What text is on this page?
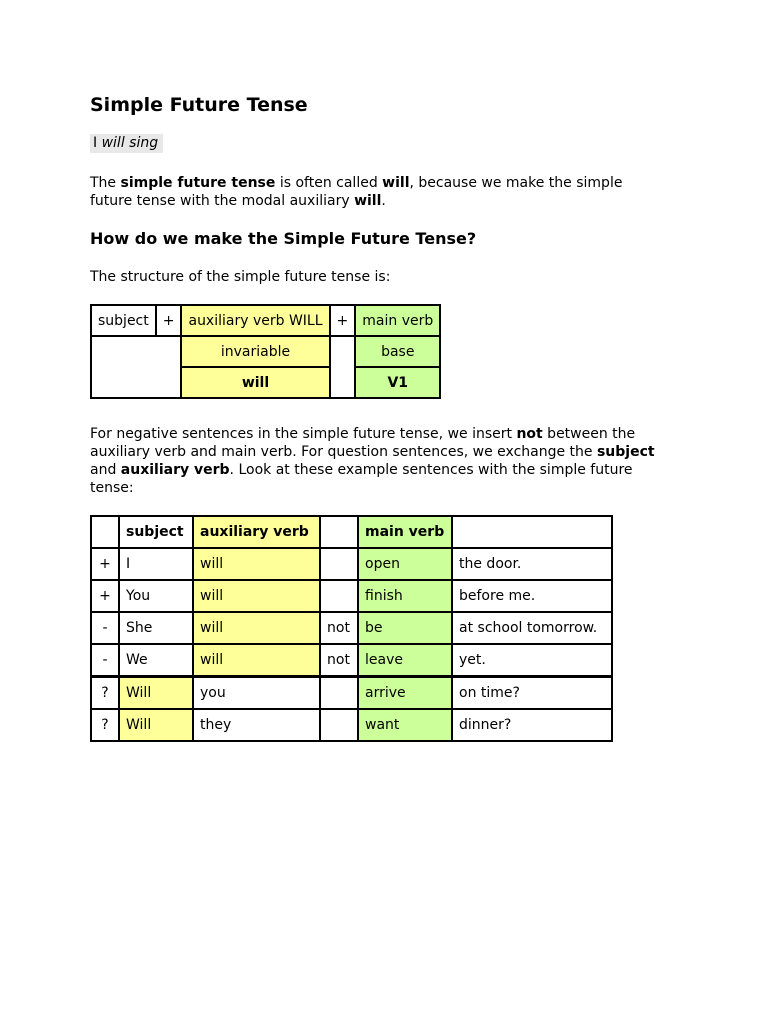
Simple Future Tense
I will sing

The simple future tense is often called will, because we make the simple future tense with the modal auxiliary will.

How do we make the Simple Future Tense?

The structure of the simple future tense is:

subject	+	auxiliary verb WILL	+	main verb
		invariable		base
		will		V1

For negative sentences in the simple future tense, we insert not between the auxiliary verb and main verb. For question sentences, we exchange the subject and auxiliary verb. Look at these example sentences with the simple future tense:

	subject	auxiliary verb		main verb	
+	I	will		open	the door.
+	You	will		finish	before me.
-	She	will	not	be	at school tomorrow.
-	We	will	not	leave	yet.
?	Will	you		arrive	on time?
?	Will	they		want	dinner?
